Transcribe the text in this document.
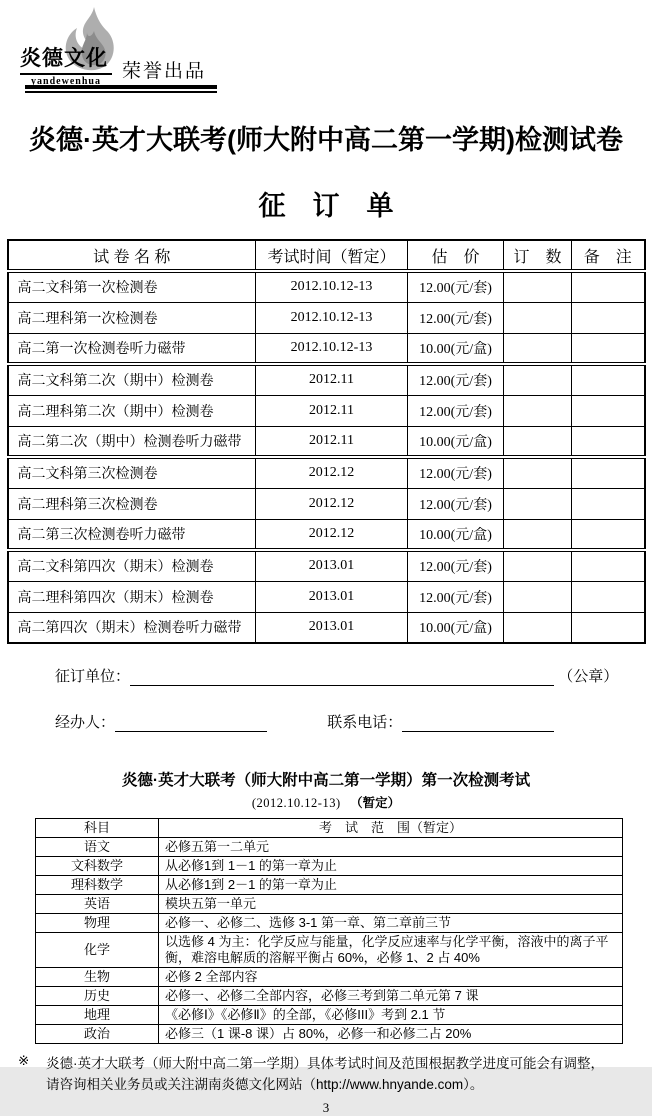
炎德文化
yandewenhua	荣誉出品
炎德·英才大联考(师大附中高二第一学期)检测试卷
征　订　单
试 卷 名 称	考试时间（暂定）	估　价	订　数	备　注
高二文科第一次检测卷	2012.10.12-13	12.00(元/套)		
高二理科第一次检测卷	2012.10.12-13	12.00(元/套)		
高二第一次检测卷听力磁带	2012.10.12-13	10.00(元/盒)		
高二文科第二次（期中）检测卷	2012.11	12.00(元/套)		
高二理科第二次（期中）检测卷	2012.11	12.00(元/套)		
高二第二次（期中）检测卷听力磁带	2012.11	10.00(元/盒)		
高二文科第三次检测卷	2012.12	12.00(元/套)		
高二理科第三次检测卷	2012.12	12.00(元/套)		
高二第三次检测卷听力磁带	2012.12	10.00(元/盒)		
高二文科第四次（期末）检测卷	2013.01	12.00(元/套)		
高二理科第四次（期末）检测卷	2013.01	12.00(元/套)		
高二第四次（期末）检测卷听力磁带	2013.01	10.00(元/盒)		
征订单位：	（公章）
经办人：	联系电话：
炎德·英才大联考（师大附中高二第一学期）第一次检测考试
(2012.10.12-13) （暂定）
科目	考　试　范　围（暂定）
语文	必修五第一二单元
文科数学	从必修1到 1－1 的第一章为止
理科数学	从必修1到 2－1 的第一章为止
英语	模块五第一单元
物理	必修一、必修二、选修 3-1 第一章、第二章前三节
化学	以选修 4 为主：化学反应与能量，化学反应速率与化学平衡，溶液中的离子平衡，难溶电解质的溶解平衡占 60%，必修 1、2 占 40%
生物	必修 2 全部内容
历史	必修一、必修二全部内容，必修三考到第二单元第 7 课
地理	《必修Ⅰ》《必修Ⅱ》的全部，《必修III》考到 2.1 节
政治	必修三（1 课-8 课）占 80%，必修一和必修二占 20%
※	炎德·英才大联考（师大附中高二第一学期）具体考试时间及范围根据教学进度可能会有调整，
请咨询相关业务员或关注湖南炎德文化网站（http://www.hnyande.com）。
3
